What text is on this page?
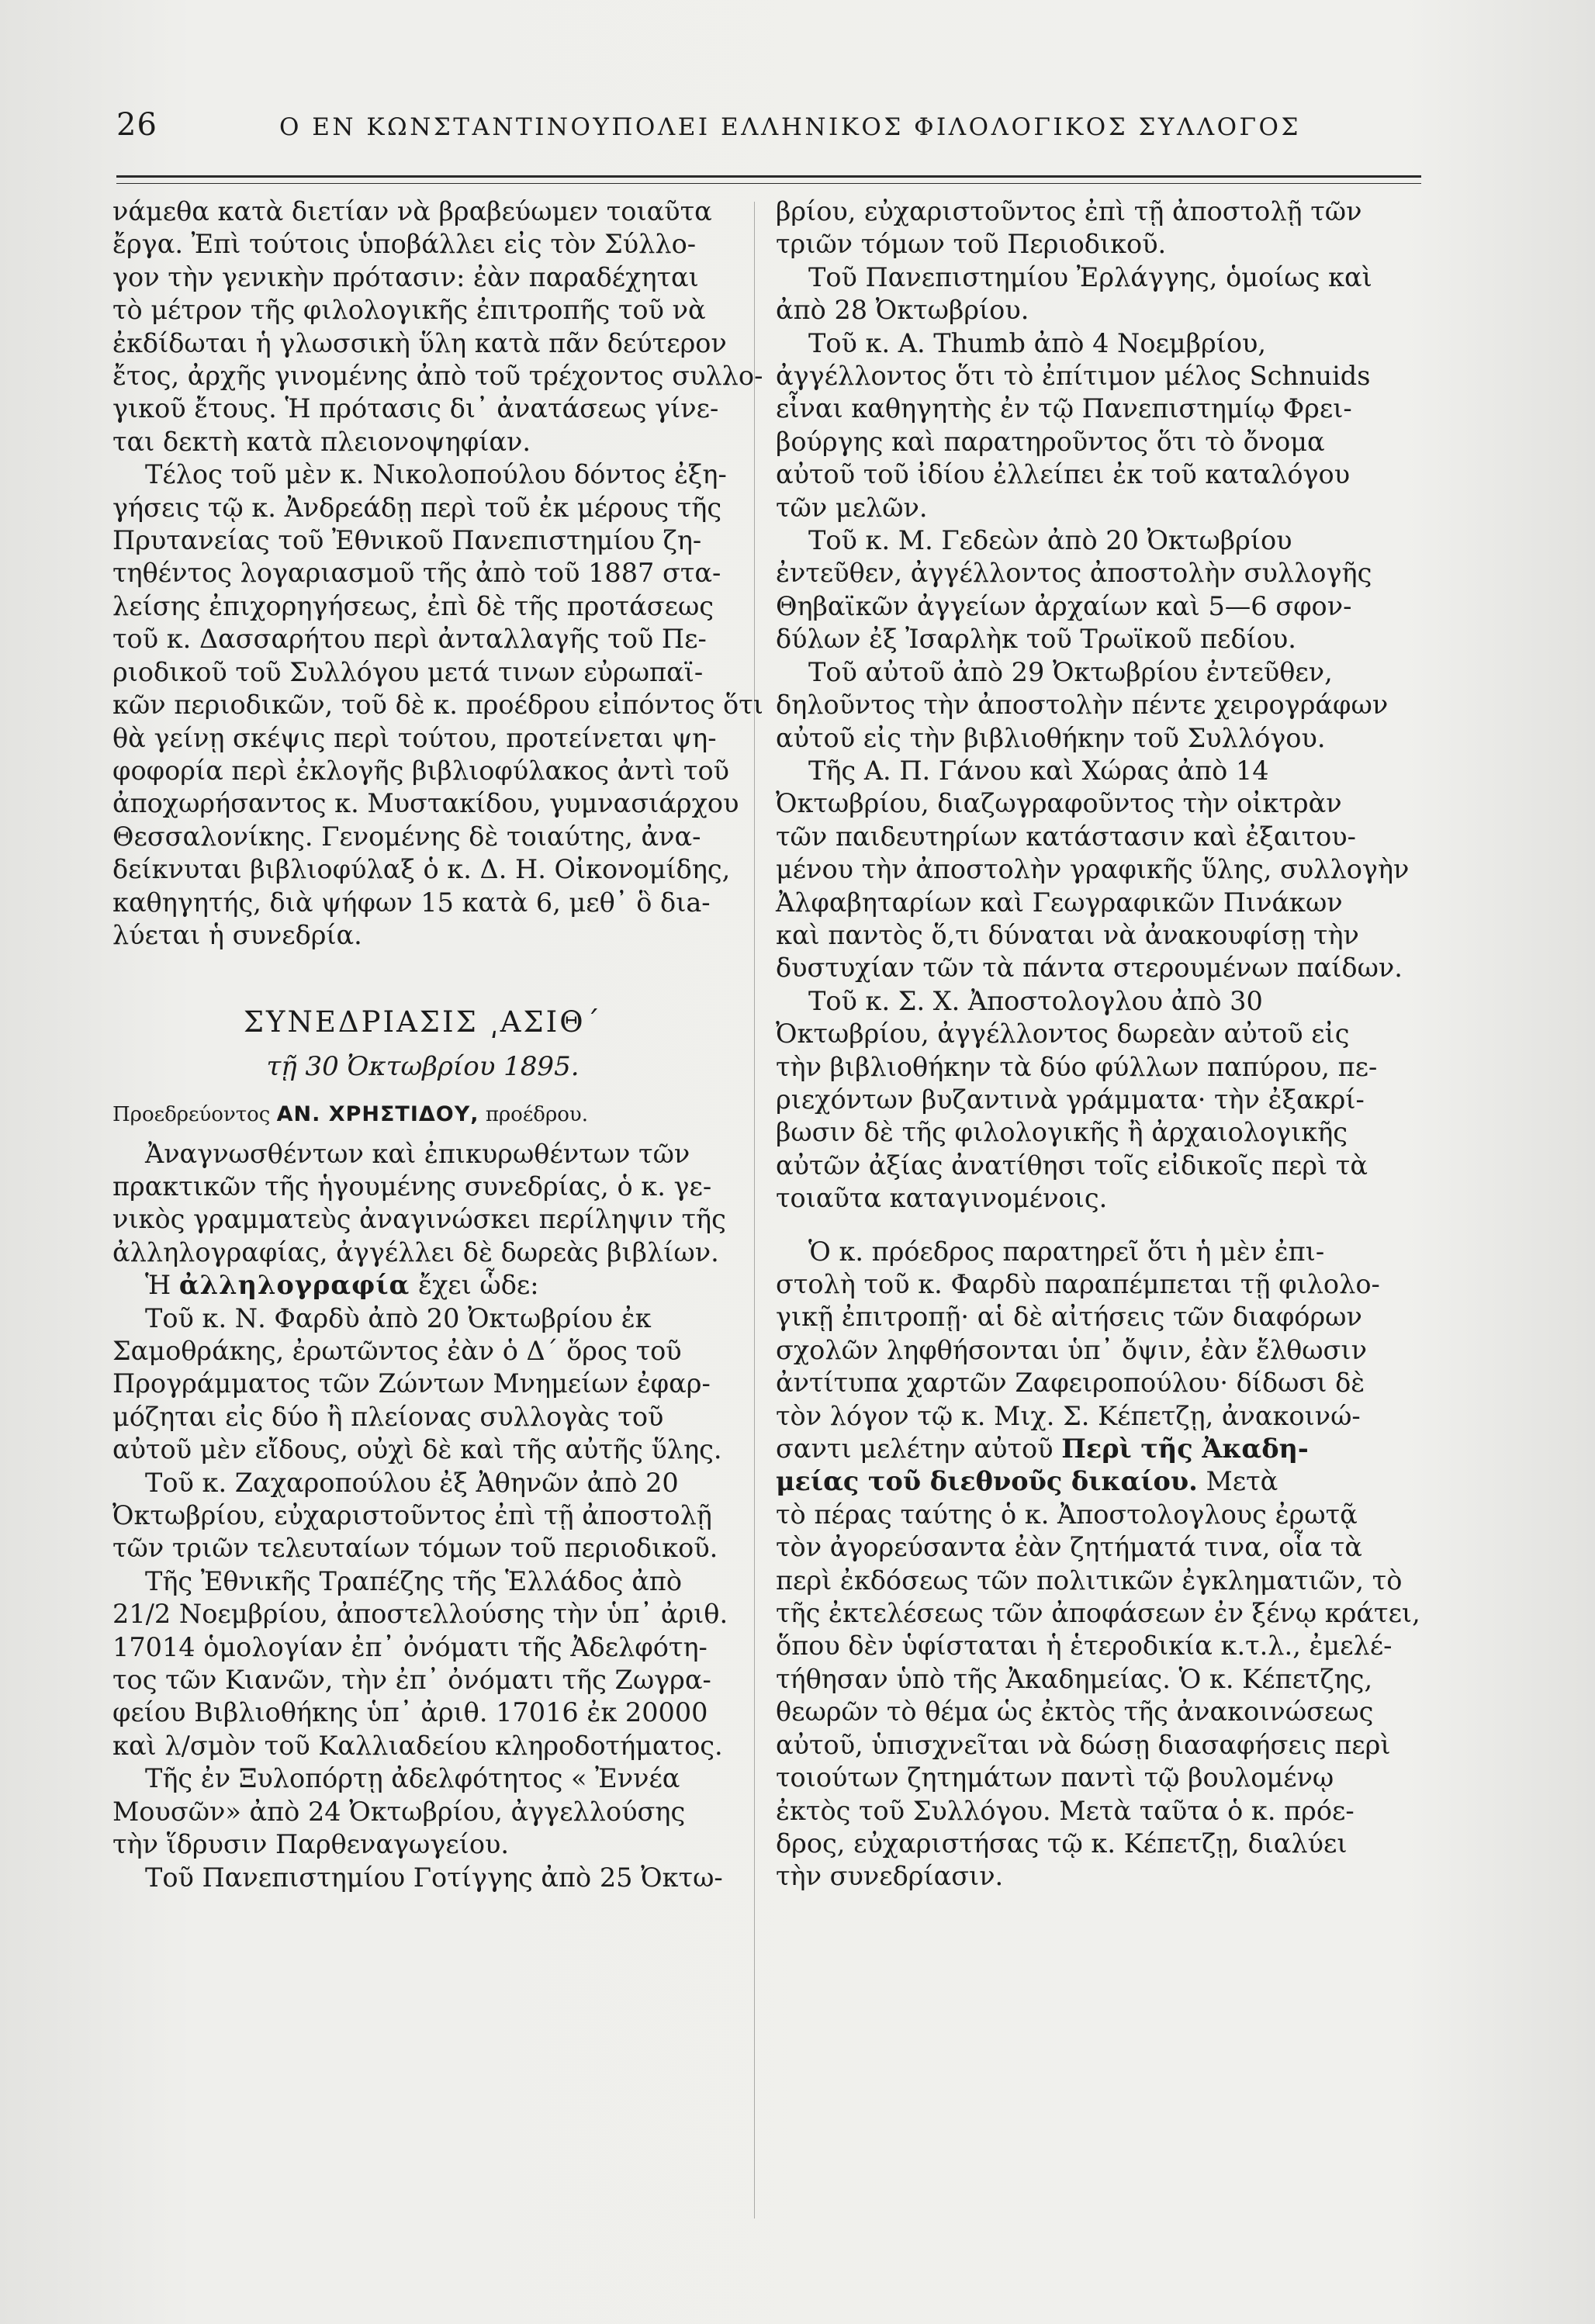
26	Ο ΕΝ ΚΩΝΣΤΑΝΤΙΝΟΥΠΟΛΕΙ ΕΛΛΗΝΙΚΟΣ ΦΙΛΟΛΟΓΙΚΟΣ ΣΥΛΛΟΓΟΣ

νάμεθα κατὰ διετίαν νὰ βραβεύωμεν τοιαῦτα

ἔργα. Ἐπὶ τούτοις ὑποβάλλει εἰς τὸν Σύλλο-

γον τὴν γενικὴν πρότασιν: ἐὰν παραδέχηται

τὸ μέτρον τῆς φιλολογικῆς ἐπιτροπῆς τοῦ νὰ

ἐκδίδωται ἡ γλωσσικὴ ὕλη κατὰ πᾶν δεύτερον

ἔτος, ἀρχῆς γινομένης ἀπὸ τοῦ τρέχοντος συλλο-

γικοῦ ἔτους. Ἡ πρότασις δι᾽ ἀνατάσεως γίνε-

ται δεκτὴ κατὰ πλειονοψηφίαν.

Τέλος τοῦ μὲν κ. Νικολοπούλου δόντος ἐξη-

γήσεις τῷ κ. Ἀνδρεάδῃ περὶ τοῦ ἐκ μέρους τῆς

Πρυτανείας τοῦ Ἐθνικοῦ Πανεπιστημίου ζη-

τηθέντος λογαριασμοῦ τῆς ἀπὸ τοῦ 1887 στα-

λείσης ἐπιχορηγήσεως, ἐπὶ δὲ τῆς προτάσεως

τοῦ κ. Δασσαρήτου περὶ ἀνταλλαγῆς τοῦ Πε-

ριοδικοῦ τοῦ Συλλόγου μετά τινων εὐρωπαϊ-

κῶν περιοδικῶν, τοῦ δὲ κ. προέδρου εἰπόντος ὅτι

θὰ γείνῃ σκέψις περὶ τούτου, προτείνεται ψη-

φοφορία περὶ ἐκλογῆς βιβλιοφύλακος ἀντὶ τοῦ

ἀποχωρήσαντος κ. Μυστακίδου, γυμνασιάρχου

Θεσσαλονίκης. Γενομένης δὲ τοιαύτης, ἀνα-

δείκνυται βιβλιοφύλαξ ὁ κ. Δ. Η. Οἰκονομίδης,

καθηγητής, διὰ ψήφων 15 κατὰ 6, μεθ᾽ ὃ διa-

λύεται ἡ συνεδρία.

ΣΥΝΕΔΡΙΑΣΙΣ ͵ΑΣΙΘ΄

τῇ 30 Ὀκτωβρίου 1895.

Προεδρεύοντος ΑΝ. ΧΡΗΣΤΙΔΟΥ, προέδρου.

Ἀναγνωσθέντων καὶ ἐπικυρωθέντων τῶν

πρακτικῶν τῆς ἡγουμένης συνεδρίας, ὁ κ. γε-

νικὸς γραμματεὺς ἀναγινώσκει περίληψιν τῆς

ἀλληλογραφίας, ἀγγέλλει δὲ δωρεὰς βιβλίων.

Ἡ ἀλληλογραφία ἔχει ὧδε:

Τοῦ κ. Ν. Φαρδὺ ἀπὸ 20 Ὀκτωβρίου ἐκ

Σαμοθράκης, ἐρωτῶντος ἐὰν ὁ Δ΄ ὅρος τοῦ

Προγράμματος τῶν Ζώντων Μνημείων ἐφαρ-

μόζηται εἰς δύο ἢ πλείονας συλλογὰς τοῦ

αὐτοῦ μὲν εἴδους, οὐχὶ δὲ καὶ τῆς αὐτῆς ὕλης.

Τοῦ κ. Ζαχαροπούλου ἐξ Ἀθηνῶν ἀπὸ 20

Ὀκτωβρίου, εὐχαριστοῦντος ἐπὶ τῇ ἀποστολῇ

τῶν τριῶν τελευταίων τόμων τοῦ περιοδικοῦ.

Τῆς Ἐθνικῆς Τραπέζης τῆς Ἑλλάδος ἀπὸ

21/2 Νοεμβρίου, ἀποστελλούσης τὴν ὑπ᾽ ἀριθ.

17014 ὁμολογίαν ἐπ᾽ ὀνόματι τῆς Ἀδελφότη-

τος τῶν Κιανῶν, τὴν ἐπ᾽ ὀνόματι τῆς Ζωγρα-

φείου Βιβλιοθήκης ὑπ᾽ ἀριθ. 17016 ἐκ 20000

καὶ λ/σμὸν τοῦ Καλλιαδείου κληροδοτήματος.

Τῆς ἐν Ξυλοπόρτῃ ἀδελφότητος « Ἐννέα

Μουσῶν» ἀπὸ 24 Ὀκτωβρίου, ἀγγελλούσης

τὴν ἵδρυσιν Παρθεναγωγείου.

Τοῦ Πανεπιστημίου Γοτίγγης ἀπὸ 25 Ὀκτω-

βρίου, εὐχαριστοῦντος ἐπὶ τῇ ἀποστολῇ τῶν

τριῶν τόμων τοῦ Περιοδικοῦ.

Τοῦ Πανεπιστημίου Ἐρλάγγης, ὁμοίως καὶ

ἀπὸ 28 Ὀκτωβρίου.

Τοῦ κ. Α. Thumb ἀπὸ 4 Νοεμβρίου,

ἀγγέλλοντος ὅτι τὸ ἐπίτιμον μέλος Schnuids

εἶναι καθηγητὴς ἐν τῷ Πανεπιστημίῳ Φρει-

βούργης καὶ παρατηροῦντος ὅτι τὸ ὄνομα

αὐτοῦ τοῦ ἰδίου ἐλλείπει ἐκ τοῦ καταλόγου

τῶν μελῶν.

Τοῦ κ. Μ. Γεδεὼν ἀπὸ 20 Ὀκτωβρίου

ἐντεῦθεν, ἀγγέλλοντος ἀποστολὴν συλλογῆς

Θηβαϊκῶν ἀγγείων ἀρχαίων καὶ 5—6 σφον-

δύλων ἐξ Ἰσαρλὴκ τοῦ Τρωϊκοῦ πεδίου.

Τοῦ αὐτοῦ ἀπὸ 29 Ὀκτωβρίου ἐντεῦθεν,

δηλοῦντος τὴν ἀποστολὴν πέντε χειρογράφων

αὐτοῦ εἰς τὴν βιβλιοθήκην τοῦ Συλλόγου.

Τῆς Α. Π. Γάνου καὶ Χώρας ἀπὸ 14

Ὀκτωβρίου, διαζωγραφοῦντος τὴν οἰκτρὰν

τῶν παιδευτηρίων κατάστασιν καὶ ἐξαιτου-

μένου τὴν ἀποστολὴν γραφικῆς ὕλης, συλλογὴν

Ἀλφαβηταρίων καὶ Γεωγραφικῶν Πινάκων

καὶ παντὸς ὅ,τι δύναται νὰ ἀνακουφίσῃ τὴν

δυστυχίαν τῶν τὰ πάντα στερουμένων παίδων.

Τοῦ κ. Σ. Χ. Ἀποστολογλου ἀπὸ 30

Ὀκτωβρίου, ἀγγέλλοντος δωρεὰν αὐτοῦ εἰς

τὴν βιβλιοθήκην τὰ δύο φύλλων παπύρου, πε-

ριεχόντων βυζαντινὰ γράμματα· τὴν ἐξακρί-

βωσιν δὲ τῆς φιλολογικῆς ἢ ἀρχαιολογικῆς

αὐτῶν ἀξίας ἀνατίθησι τοῖς εἰδικοῖς περὶ τὰ

τοιαῦτα καταγινομένοις.

Ὁ κ. πρόεδρος παρατηρεῖ ὅτι ἡ μὲν ἐπι-

στολὴ τοῦ κ. Φαρδὺ παραπέμπεται τῇ φιλολο-

γικῇ ἐπιτροπῇ· αἱ δὲ αἰτήσεις τῶν διαφόρων

σχολῶν ληφθήσονται ὑπ᾽ ὄψιν, ἐὰν ἔλθωσιν

ἀντίτυπα χαρτῶν Ζαφειροπούλου· δίδωσι δὲ

τὸν λόγον τῷ κ. Μιχ. Σ. Κέπετζῃ, ἀνακοινώ-

σαντι μελέτην αὐτοῦ Περὶ τῆς Ἀκαδη-

μείας τοῦ διεθνοῦς δικαίου. Μετὰ

τὸ πέρας ταύτης ὁ κ. Ἀποστολογλους ἐρωτᾷ

τὸν ἀγορεύσαντα ἐὰν ζητήματά τινα, οἷα τὰ

περὶ ἐκδόσεως τῶν πολιτικῶν ἐγκληματιῶν, τὸ

τῆς ἐκτελέσεως τῶν ἀποφάσεων ἐν ξένῳ κράτει,

ὅπου δὲν ὑφίσταται ἡ ἑτεροδικία κ.τ.λ., ἐμελέ-

τήθησαν ὑπὸ τῆς Ἀκαδημείας. Ὁ κ. Κέπετζης,

θεωρῶν τὸ θέμα ὡς ἐκτὸς τῆς ἀνακοινώσεως

αὐτοῦ, ὑπισχνεῖται νὰ δώσῃ διασαφήσεις περὶ

τοιούτων ζητημάτων παντὶ τῷ βουλομένῳ

ἐκτὸς τοῦ Συλλόγου. Μετὰ ταῦτα ὁ κ. πρόε-

δρος, εὐχαριστήσας τῷ κ. Κέπετζῃ, διαλύει

τὴν συνεδρίασιν.
